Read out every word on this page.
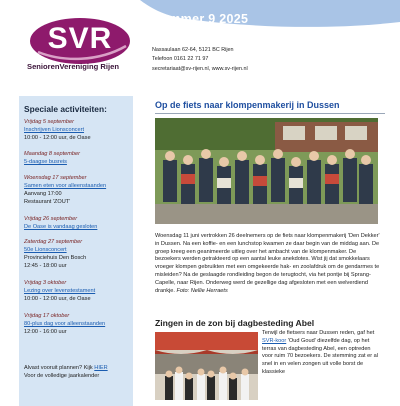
SVR
SeniorenVereniging Rijen
Nummer 9 2025
Nassaulaan 62-64, 5121 BC Rijen
Telefoon 0161 22 71 97
secretariaat@sv-rijen.nl, www.sv-rijen.nl
Speciale activiteiten:
Vrijdag 5 september
Inschrijven Lionsconcert
10:00 - 12:00 uur, de Oase
Maandag 8 september
5-daagse busreis
Woensdag 17 september
Samen eten voor alleenstaanden
Aanvang 17:00
Restaurant 'ZOUT'
Vrijdag 26 september
De Oase is vandaag gesloten
Zaterdag 27 september
50e Lionsconcert
Provinciehuis Den Bosch
12:45 - 18:00 uur
Vrijdag 3 oktober
Lezing over levenstestament
10:00 - 12:00 uur, de Oase
Vrijdag 17 oktober
80-plus dag voor alleenstaanden
12:00 - 16:00 uur
Alvast vooruit plannen? Kijk HIER
Voor de volledige jaarkalender
Op de fiets naar klompenmakerij in Dussen

Woensdag 11 juni vertrokken 26 deelnemers op de fiets naar klompenmakerij 'Den Dekker' in Dussen. Na een koffie- en een lunchstop kwamen ze daar begin van de middag aan. De groep kreeg een geanimeerde uitleg over het ambacht van de klompenmaker. De bezoekers werden getrakteerd op een aantal leuke anekdotes. Wist jij dat smokkelaars vroeger klompen gebruikten met een omgekeerde hak- en zoolafdruk om de gendarmes te misleiden? Na de geslaagde rondleiding begon de terugtocht, via het pontje bij Sprang-Capelle, naar Rijen. Onderweg werd de gezellige dag afgesloten met een welverdiend drankje. Foto: Nellie Herraets

Zingen in de zon bij dagbesteding Abel

Terwijl de fietsers naar Dussen reden, gaf het SVR-koor 'Oud Goud' diezelfde dag, op het terras van dagbesteding Abel, een optreden voor ruim 70 bezoekers. De stemming zat er al snel in en velen zongen uit volle borst de klassieke
